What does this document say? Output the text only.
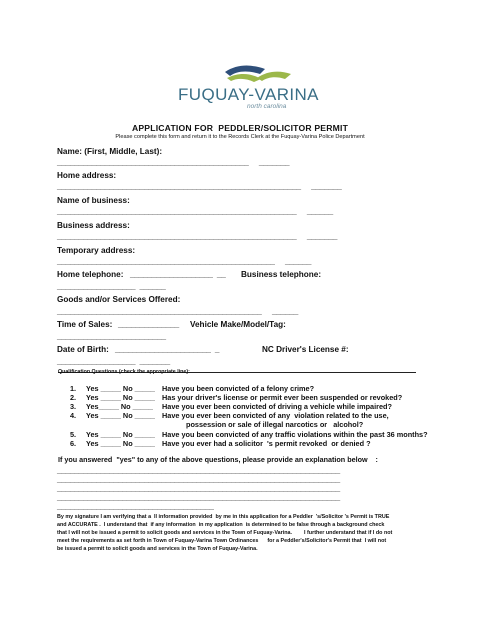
FUQUAY-VARINA
north carolina
APPLICATION FOR  PEDDLER/SOLICITOR PERMIT
Please complete this form and return it to the Records Clerk at the Fuquay-Varina Police Department
Name: (First, Middle, Last):
____________________________________________     _______
Home address:
________________________________________________________     _______
Name of business:
_______________________________________________________     ______
Business address:
_______________________________________________________     _______
Temporary address:
__________________________________________________     ______
Home telephone: ___________________  __ Business telephone:
__________________  ______
Goods and/or Services Offered:
_______________________________________________     ______
Time of Sales: ______________ Vehicle Make/Model/Tag:
_________________________
Date of Birth: ______________________  _	NC Driver's License #:
__________________  _______
Qualification Questions (check the appropriate line):
1. Yes _____ No _____ Have you been convicted of a felony crime?
2. Yes _____ No _____ Has your driver's license or permit ever been suspended or revoked?
3. Yes_____ No _____ Have you ever been convicted of driving a vehicle while impaired?
4. Yes _____ No _____ Have you ever been convicted of any  violation related to the use,
possession or sale of illegal narcotics or   alcohol?
5. Yes _____ No _____ Have you been convicted of any traffic violations within the past 36 months?
6. Yes _____ No _____ Have you ever had a solicitor  's permit revoked  or denied ?
If you answered  "yes" to any of the above questions, please provide an explanation below    :
_________________________________________________________________
_________________________________________________________________
_________________________________________________________________
_________________________________________________________________
____________________________________
By my signature I am verifying that a  ll information provided  by me in this application for a Peddler  's/Solicitor 's Permit is TRUE
and ACCURATE .  I understand that  if any information  in my application  is determined to be false through a background check
that I will not be issued a permit to solicit goods and services in the Town of Fuquay-Varina.        I further understand that if I do not
meet the requirements as set forth in Town of Fuquay-Varina Town Ordinances      for a Peddler's/Solicitor's Permit that  I will not
be issued a permit to solicit goods and services in the Town of Fuquay-Varina.
